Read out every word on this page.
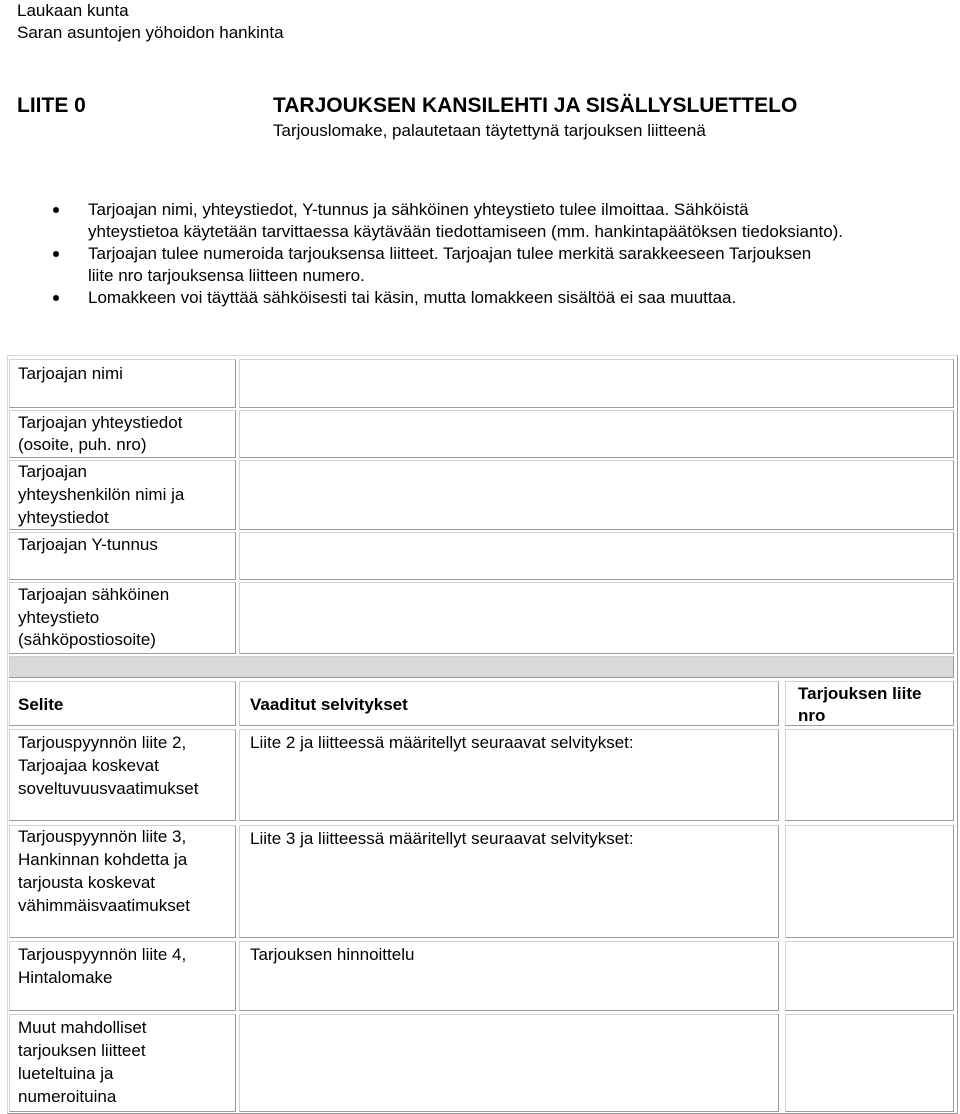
Laukaan kunta
Saran asuntojen yöhoidon hankinta
LIITE 0	TARJOUKSEN KANSILEHTI JA SISÄLLYSLUETTELO
Tarjouslomake, palautetaan täytettynä tarjouksen liitteenä
Tarjoajan nimi, yhteystiedot, Y-tunnus ja sähköinen yhteystieto tulee ilmoittaa. Sähköistä
yhteystietoa käytetään tarvittaessa käytävään tiedottamiseen (mm. hankintapäätöksen tiedoksianto).
Tarjoajan tulee numeroida tarjouksensa liitteet. Tarjoajan tulee merkitä sarakkeeseen Tarjouksen
liite nro tarjouksensa liitteen numero.
Lomakkeen voi täyttää sähköisesti tai käsin, mutta lomakkeen sisältöä ei saa muuttaa.
Tarjoajan nimi
Tarjoajan yhteystiedot
(osoite, puh. nro)
Tarjoajan
yhteyshenkilön nimi ja
yhteystiedot
Tarjoajan Y-tunnus
Tarjoajan sähköinen
yhteystieto
(sähköpostiosoite)
Selite	Vaaditut selvitykset
Tarjouksen liite
nro
Tarjouspyynnön liite 2,
Tarjoajaa koskevat
soveltuvuusvaatimukset
Liite 2 ja liitteessä määritellyt seuraavat selvitykset:
Tarjouspyynnön liite 3,
Hankinnan kohdetta ja
tarjousta koskevat
vähimmäisvaatimukset
Liite 3 ja liitteessä määritellyt seuraavat selvitykset:
Tarjouspyynnön liite 4,
Hintalomake
Tarjouksen hinnoittelu
Muut mahdolliset
tarjouksen liitteet
lueteltuina ja
numeroituina
